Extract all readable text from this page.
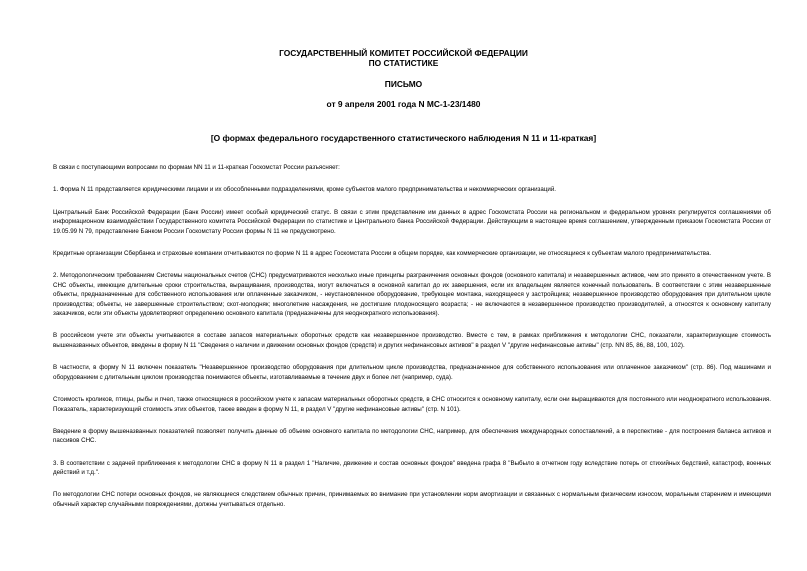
ГОСУДАРСТВЕННЫЙ КОМИТЕТ РОССИЙСКОЙ ФЕДЕРАЦИИ
ПО СТАТИСТИКЕ
ПИСЬМО
от 9 апреля 2001 года N МС-1-23/1480
[О формах федерального государственного статистического наблюдения N 11 и 11-краткая]

В связи с поступающими вопросами по формам NN 11 и 11-краткая Госкомстат России разъясняет:

1. Форма N 11 представляется юридическими лицами и их обособленными подразделениями, кроме субъектов малого предпринимательства и некоммерческих организаций.

Центральный Банк Российской Федерации (Банк России) имеет особый юридический статус. В связи с этим представление им данных в адрес Госкомстата России на региональном и федеральном уровнях регулируется соглашениями об информационном взаимодействии Государственного комитета Российской Федерации по статистике и Центрального банка Российской Федерации. Действующим в настоящее время соглашением, утвержденным приказом Госкомстата России от 19.05.99 N 79, представление Банком России Госкомстату России формы N 11 не предусмотрено.

Кредитные организации Сбербанка и страховые компании отчитываются по форме N 11 в адрес Госкомстата России в общем порядке, как коммерческие организации, не относящиеся к субъектам малого предпринимательства.

2. Методологическим требованиям Системы национальных счетов (СНС) предусматриваются несколько иные принципы разграничения основных фондов (основного капитала) и незавершенных активов, чем это принято в отечественном учете. В СНС объекты, имеющие длительные сроки строительства, выращивания, производства, могут включаться в основной капитал до их завершения, если их владельцем является конечный пользователь. В соответствии с этим незавершенные объекты, предназначенные для собственного использования или оплаченные заказчиком, - неустановленное оборудование, требующее монтажа, находящееся у застройщика; незавершенное производство оборудования при длительном цикле производства; объекты, не завершенные строительством; скот-молодняк; многолетние насаждения, не достигшие плодоносящего возраста; - не включаются в незавершенное производство производителей, а относятся к основному капиталу заказчиков, если эти объекты удовлетворяют определению основного капитала (предназначены для неоднократного использования).

В российском учете эти объекты учитываются в составе запасов материальных оборотных средств как незавершенное производство. Вместе с тем, в рамках приближения к методологии СНС, показатели, характеризующие стоимость вышеназванных объектов, введены в форму N 11 "Сведения о наличии и движении основных фондов (средств) и других нефинансовых активов" в раздел V "другие нефинансовые активы" (стр. NN 85, 86, 88, 100, 102).

В частности, в форму N 11 включен показатель "Незавершенное производство оборудования при длительном цикле производства, предназначенное для собственного использования или оплаченное заказчиком" (стр. 86). Под машинами и оборудованием с длительным циклом производства понимаются объекты, изготавливаемые в течение двух и более лет (например, суда).

Стоимость кроликов, птицы, рыбы и пчел, также относящиеся в российском учете к запасам материальных оборотных средств, в СНС относится к основному капиталу, если они выращиваются для постоянного или неоднократного использования. Показатель, характеризующий стоимость этих объектов, также введен в форму N 11, в раздел V "другие нефинансовые активы" (стр. N 101).

Введение в форму вышеназванных показателей позволяет получить данные об объеме основного капитала по методологии СНС, например, для обеспечения международных сопоставлений, а в перспективе - для построения баланса активов и пассивов СНС.

3. В соответствии с задачей приближения к методологии СНС в форму N 11 в раздел 1 "Наличие, движение и состав основных фондов" введена графа 8 "Выбыло в отчетном году вследствие потерь от стихийных бедствий, катастроф, военных действий и т.д.".

По методологии СНС потери основных фондов, не являющиеся следствием обычных причин, принимаемых во внимание при установлении норм амортизации и связанных с нормальным физическим износом, моральным старением и имеющими обычный характер случайными повреждениями, должны учитываться отдельно.
